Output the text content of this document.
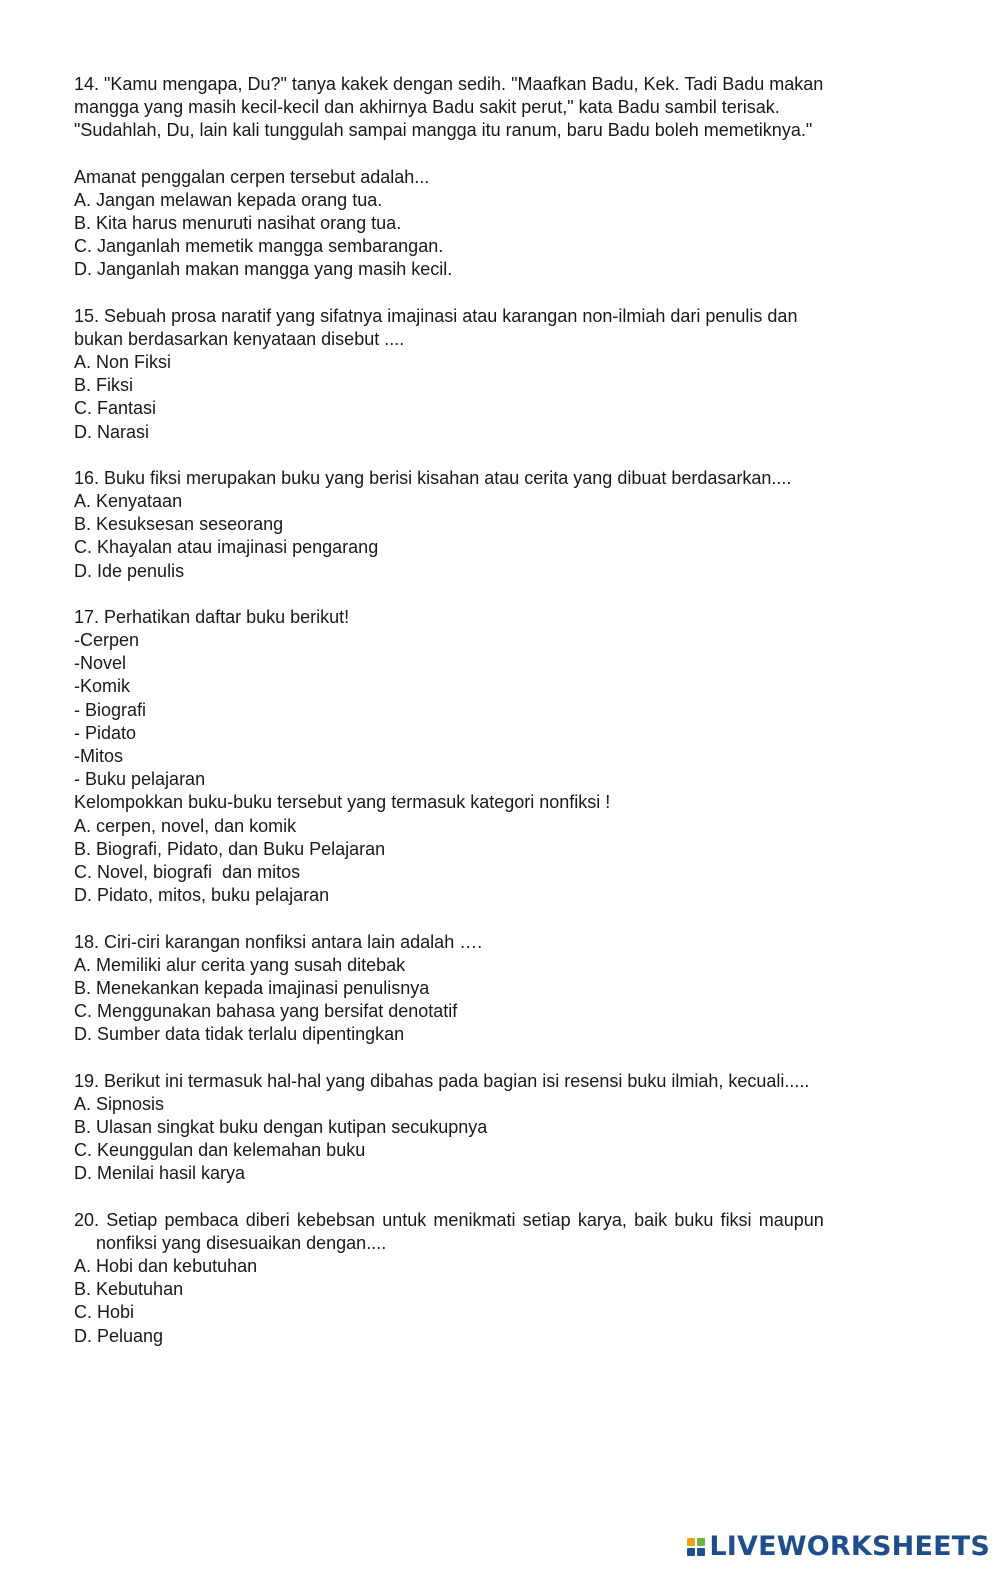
14. "Kamu mengapa, Du?" tanya kakek dengan sedih. "Maafkan Badu, Kek. Tadi Badu makan
mangga yang masih kecil-kecil dan akhirnya Badu sakit perut," kata Badu sambil terisak.
"Sudahlah, Du, lain kali tunggulah sampai mangga itu ranum, baru Badu boleh memetiknya."
Amanat penggalan cerpen tersebut adalah...
A. Jangan melawan kepada orang tua.
B. Kita harus menuruti nasihat orang tua.
C. Janganlah memetik mangga sembarangan.
D. Janganlah makan mangga yang masih kecil.
15. Sebuah prosa naratif yang sifatnya imajinasi atau karangan non-ilmiah dari penulis dan
bukan berdasarkan kenyataan disebut ....
A. Non Fiksi
B. Fiksi
C. Fantasi
D. Narasi
16. Buku fiksi merupakan buku yang berisi kisahan atau cerita yang dibuat berdasarkan....
A. Kenyataan
B. Kesuksesan seseorang
C. Khayalan atau imajinasi pengarang
D. Ide penulis
17. Perhatikan daftar buku berikut!
-Cerpen
-Novel
-Komik
- Biografi
- Pidato
-Mitos
- Buku pelajaran
Kelompokkan buku-buku tersebut yang termasuk kategori nonfiksi !
A. cerpen, novel, dan komik
B. Biografi, Pidato, dan Buku Pelajaran
C. Novel, biografi  dan mitos
D. Pidato, mitos, buku pelajaran
18. Ciri-ciri karangan nonfiksi antara lain adalah ….
A. Memiliki alur cerita yang susah ditebak
B. Menekankan kepada imajinasi penulisnya
C. Menggunakan bahasa yang bersifat denotatif
D. Sumber data tidak terlalu dipentingkan
19. Berikut ini termasuk hal-hal yang dibahas pada bagian isi resensi buku ilmiah, kecuali.....
A. Sipnosis
B. Ulasan singkat buku dengan kutipan secukupnya
C. Keunggulan dan kelemahan buku
D. Menilai hasil karya
20. Setiap pembaca diberi kebebsan untuk menikmati setiap karya, baik buku fiksi maupun
nonfiksi yang disesuaikan dengan....
A. Hobi dan kebutuhan
B. Kebutuhan
C. Hobi
D. Peluang
LIVEWORKSHEETS
